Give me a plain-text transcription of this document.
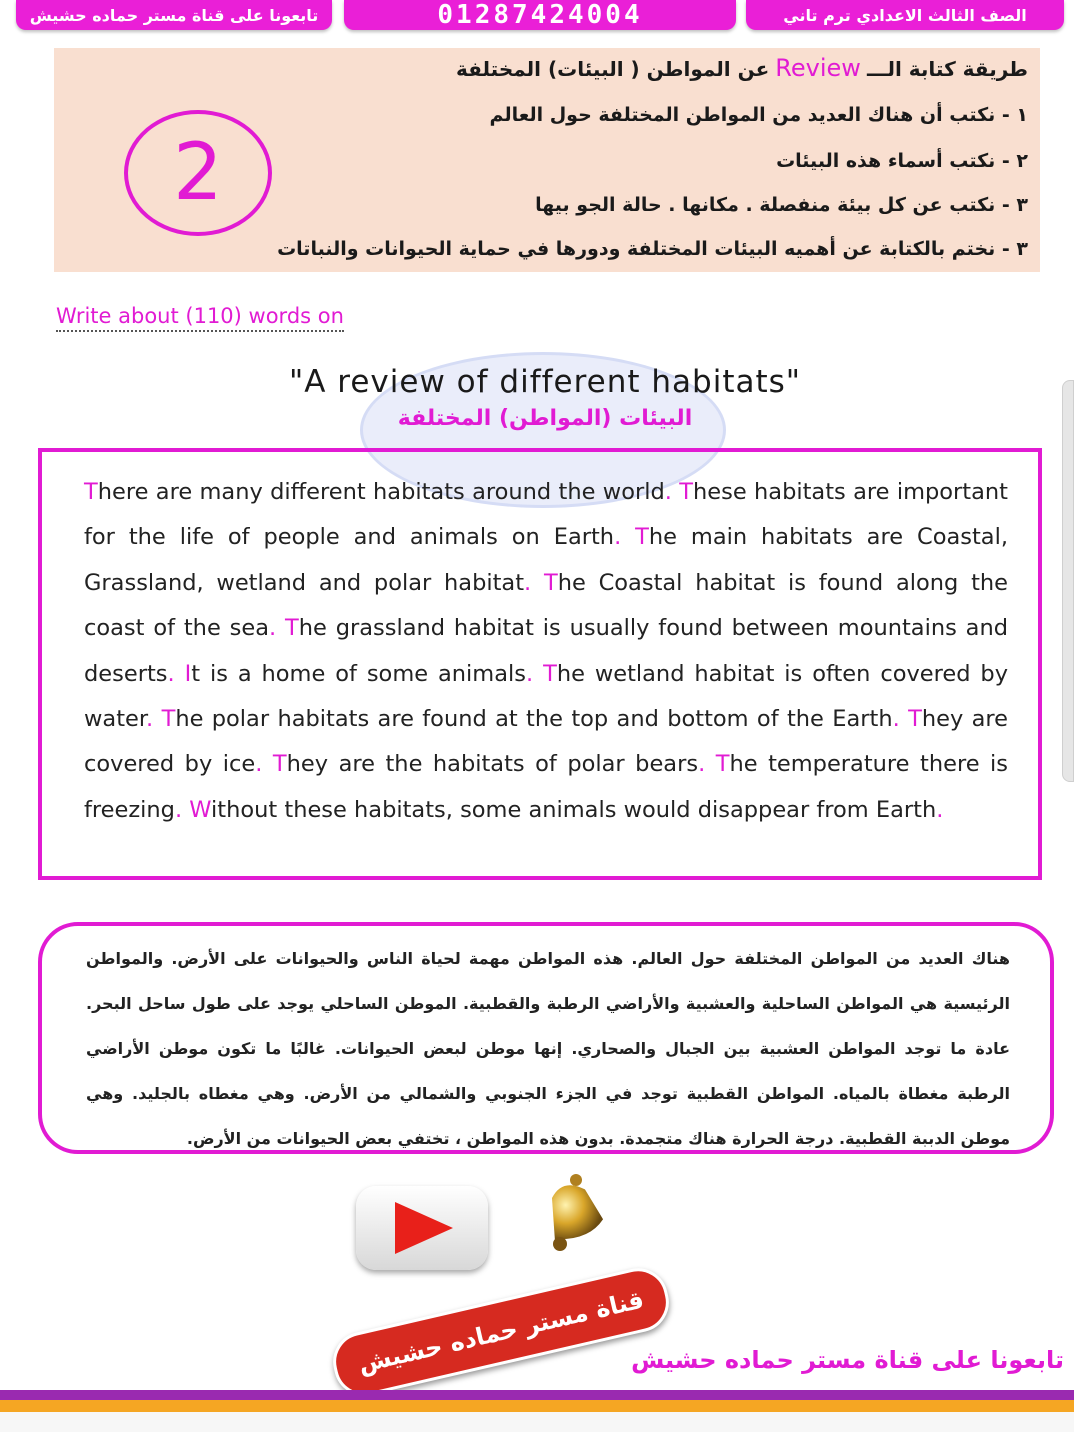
تابعونا على قناة مستر حماده حشيش	01287424004	الصف الثالث الاعدادي ترم تاني
طريقة كتابة الـــReviewعن المواطن ( البيئات) المختلفة
١ - نكتب أن هناك العديد من المواطن المختلفة حول العالم
٢ - نكتب أسماء هذه البيئات
٣ - نكتب عن كل بيئة منفصلة . مكانها . حالة الجو بيها
٣ - نختم بالكتابة عن أهميه البيئات المختلفة ودورها في حماية الحيوانات والنباتات
2
Write about (110) words on
"A review of different habitats"
البيئات (المواطن) المختلفة

There are many different habitats around the world. These habitats are important for the life of people and animals on Earth. The main habitats are Coastal, Grassland, wetland and polar habitat. The Coastal habitat is found along the coast of the sea. The grassland habitat is usually found between mountains and deserts. It is a home of some animals. The wetland habitat is often covered by water. The polar habitats are found at the top and bottom of the Earth. They are covered by ice. They are the habitats of polar bears. The temperature there is freezing. Without these habitats, some animals would disappear from Earth.

هناك العديد من المواطن المختلفة حول العالم. هذه المواطن مهمة لحياة الناس والحيوانات على الأرض. والمواطن الرئيسية هي المواطن الساحلية والعشبية والأراضي الرطبة والقطبية. الموطن الساحلي يوجد على طول ساحل البحر. عادة ما توجد المواطن العشبية بين الجبال والصحاري. إنها موطن لبعض الحيوانات. غالبًا ما تكون موطن الأراضي الرطبة مغطاة بالمياه. المواطن القطبية توجد في الجزء الجنوبي والشمالي من الأرض. وهي مغطاه بالجليد. وهي موطن الدببة القطبية. درجة الحرارة هناك متجمدة. بدون هذه المواطن ، تختفي بعض الحيوانات من الأرض.

قناة مستر حماده حشيش
تابعونا على قناة مستر حماده حشيش
